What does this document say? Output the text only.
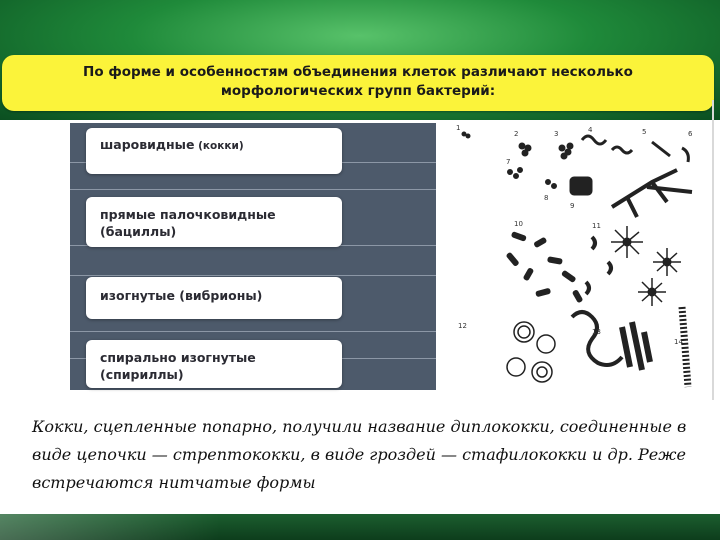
По форме и особенностям объединения клеток различают несколько
морфологических групп бактерий:
шаровидные (кокки)
прямые палочковидные (бациллы)
изогнутые (вибрионы)
спирально изогнутые (спириллы)
1
2	3	4	5	6
7
8
9
10	11
12
13
14
Кокки, сцепленные попарно, получили название диплококки, соединенные в виде цепочки — стрептококки, в виде гроздей — стафилококки и др. Реже встречаются нитчатые формы
